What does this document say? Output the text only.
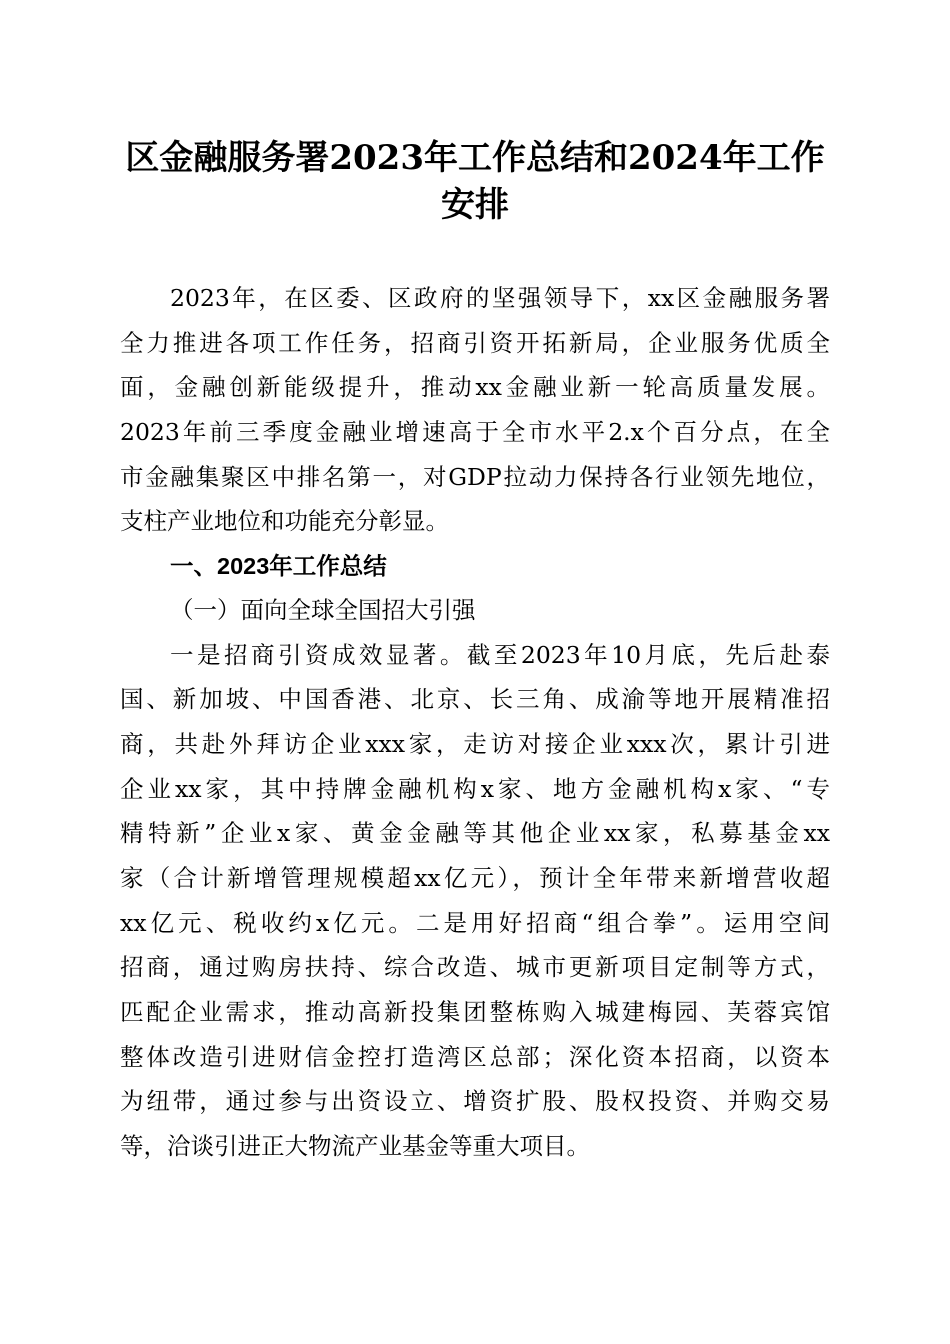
区金融服务署2023年工作总结和2024年工作
安排
2023年，在区委、区政府的坚强领导下，xx区金融服务署
全力推进各项工作任务，招商引资开拓新局，企业服务优质全
面，金融创新能级提升，推动xx金融业新一轮高质量发展。
2023年前三季度金融业增速高于全市水平2.x个百分点，在全
市金融集聚区中排名第一，对GDP拉动力保持各行业领先地位，
支柱产业地位和功能充分彰显。
一、2023年工作总结
（一）面向全球全国招大引强
一是招商引资成效显著。截至2023年10月底，先后赴泰
国、新加坡、中国香港、北京、长三角、成渝等地开展精准招
商，共赴外拜访企业xxx家，走访对接企业xxx次，累计引进
企业xx家，其中持牌金融机构x家、地方金融机构x家、“专
精特新”企业x家、黄金金融等其他企业xx家，私募基金xx
家（合计新增管理规模超xx亿元），预计全年带来新增营收超
xx亿元、税收约x亿元。二是用好招商“组合拳”。运用空间
招商，通过购房扶持、综合改造、城市更新项目定制等方式，
匹配企业需求，推动高新投集团整栋购入城建梅园、芙蓉宾馆
整体改造引进财信金控打造湾区总部；深化资本招商，以资本
为纽带，通过参与出资设立、增资扩股、股权投资、并购交易
等，洽谈引进正大物流产业基金等重大项目。
